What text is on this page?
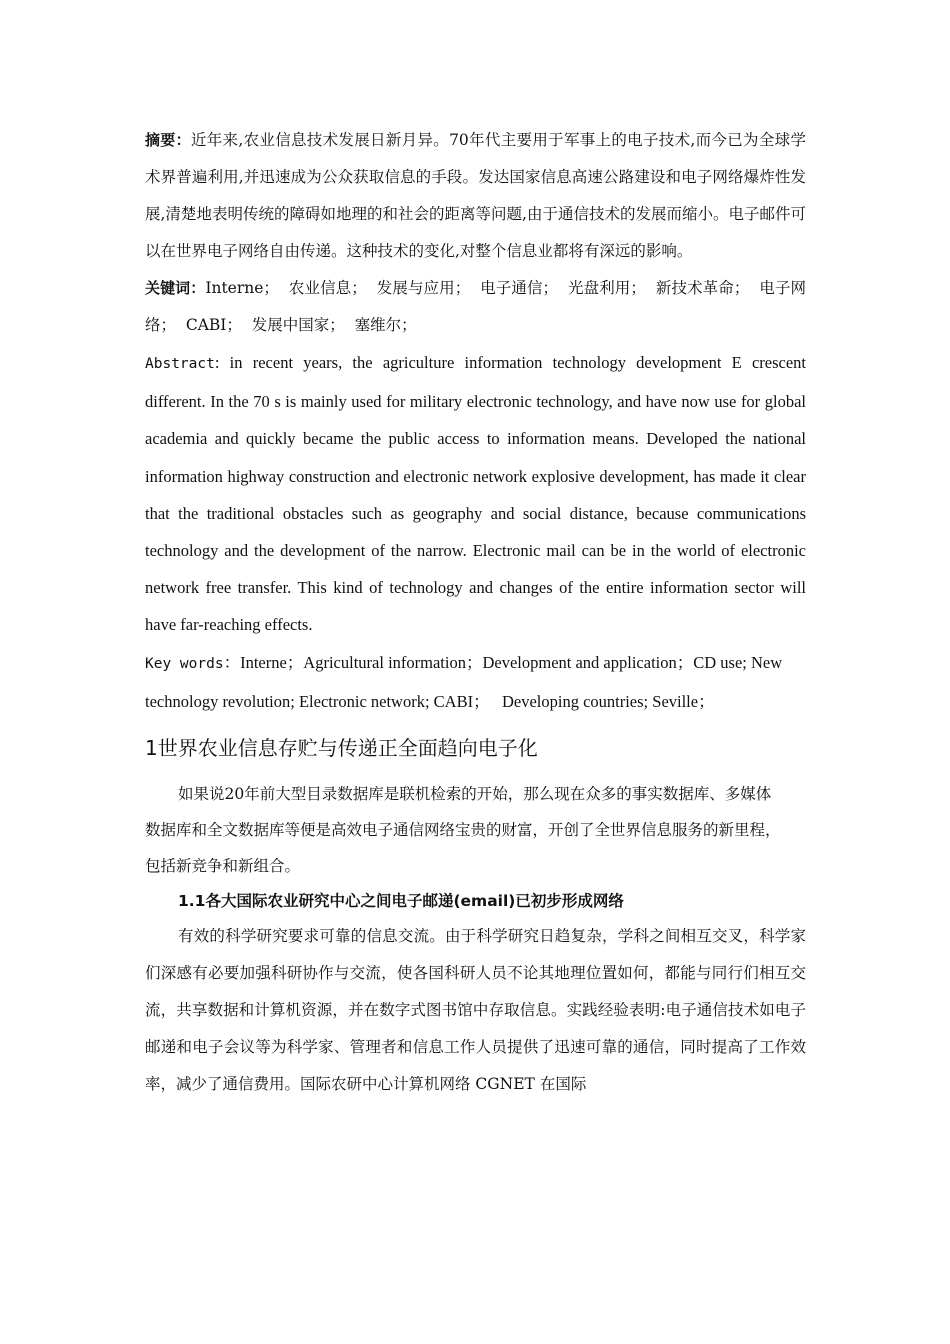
摘要：近年来,农业信息技术发展日新月异。70年代主要用于军事上的电子技术,而今已为全球学术界普遍利用,并迅速成为公众获取信息的手段。发达国家信息高速公路建设和电子网络爆炸性发展,清楚地表明传统的障碍如地理的和社会的距离等问题,由于通信技术的发展而缩小。电子邮件可以在世界电子网络自由传递。这种技术的变化,对整个信息业都将有深远的影响。

关键词：Interne；  农业信息；  发展与应用；  电子通信；  光盘利用；  新技术革命；  电子网络；  CABI；  发展中国家；  塞维尔；

Abstract: in recent years, the agriculture information technology development E crescent different. In the 70 s is mainly used for military electronic technology, and have now use for global academia and quickly became the public access to information means. Developed the national information highway construction and electronic network explosive development, has made it clear that the traditional obstacles such as geography and social distance, because communications technology and the development of the narrow. Electronic mail can be in the world of electronic network free transfer. This kind of technology and changes of the entire information sector will have far-reaching effects.

Key words：Interne；Agricultural information；Development and application；CD use; New
technology revolution; Electronic network; CABI；   Developing countries; Seville；

1世界农业信息存贮与传递正全面趋向电子化

如果说20年前大型目录数据库是联机检索的开始，那么现在众多的事实数据库、多媒体

数据库和全文数据库等便是高效电子通信网络宝贵的财富，开创了全世界信息服务的新里程，

包括新竞争和新组合。

1.1各大国际农业研究中心之间电子邮递(email)已初步形成网络

有效的科学研究要求可靠的信息交流。由于科学研究日趋复杂，学科之间相互交叉，科学家们深感有必要加强科研协作与交流，使各国科研人员不论其地理位置如何，都能与同行们相互交流，共享数据和计算机资源，并在数字式图书馆中存取信息。实践经验表明:电子通信技术如电子邮递和电子会议等为科学家、管理者和信息工作人员提供了迅速可靠的通信，同时提高了工作效率，减少了通信费用。国际农研中心计算机网络 CGNET 在国际
